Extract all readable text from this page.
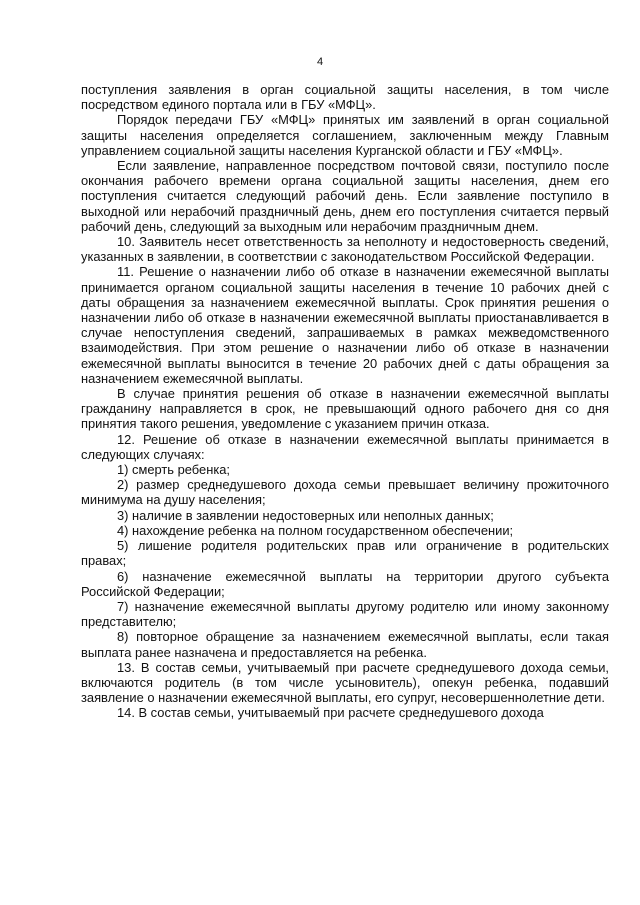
4

поступления заявления в орган социальной защиты населения, в том числе посредством единого портала или в ГБУ «МФЦ».

Порядок передачи ГБУ «МФЦ» принятых им заявлений в орган социальной защиты населения определяется соглашением, заключенным между Главным управлением социальной защиты населения Курганской области и ГБУ «МФЦ».

Если заявление, направленное посредством почтовой связи, поступило после окончания рабочего времени органа социальной защиты населения, днем его поступления считается следующий рабочий день. Если заявление поступило в выходной или нерабочий праздничный день, днем его поступления считается первый рабочий день, следующий за выходным или нерабочим праздничным днем.

10. Заявитель несет ответственность за неполноту и недостоверность сведений, указанных в заявлении, в соответствии с законодательством Российской Федерации.

11. Решение о назначении либо об отказе в назначении ежемесячной выплаты принимается органом социальной защиты населения в течение 10 рабочих дней с даты обращения за назначением ежемесячной выплаты. Срок принятия решения о назначении либо об отказе в назначении ежемесячной выплаты приостанавливается в случае непоступления сведений, запрашиваемых в рамках межведомственного взаимодействия. При этом решение о назначении либо об отказе в назначении ежемесячной выплаты выносится в течение 20 рабочих дней с даты обращения за назначением ежемесячной выплаты.

В случае принятия решения об отказе в назначении ежемесячной выплаты гражданину направляется в срок, не превышающий одного рабочего дня со дня принятия такого решения, уведомление с указанием причин отказа.

12. Решение об отказе в назначении ежемесячной выплаты принимается в следующих случаях:

1) смерть ребенка;

2) размер среднедушевого дохода семьи превышает величину прожиточного минимума на душу населения;

3) наличие в заявлении недостоверных или неполных данных;

4) нахождение ребенка на полном государственном обеспечении;

5) лишение родителя родительских прав или ограничение в родительских правах;

6) назначение ежемесячной выплаты на территории другого субъекта Российской Федерации;

7) назначение ежемесячной выплаты другому родителю или иному законному представителю;

8) повторное обращение за назначением ежемесячной выплаты, если такая выплата ранее назначена и предоставляется на ребенка.

13. В состав семьи, учитываемый при расчете среднедушевого дохода семьи, включаются родитель (в том числе усыновитель), опекун ребенка, подавший заявление о назначении ежемесячной выплаты, его супруг, несовершеннолетние дети.

14. В состав семьи, учитываемый при расчете среднедушевого дохода
